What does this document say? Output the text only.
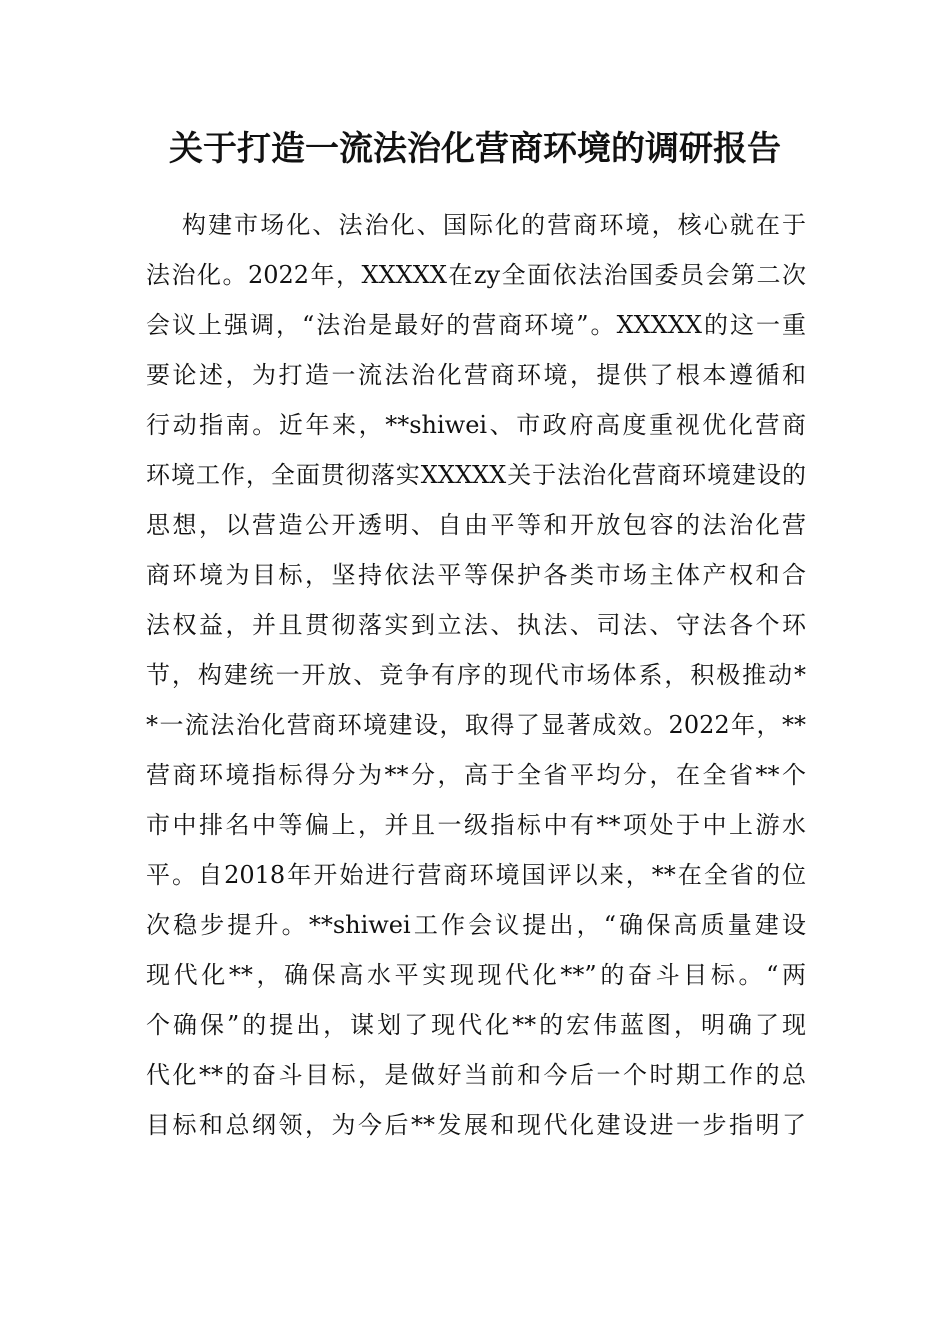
关于打造一流法治化营商环境的调研报告
构建市场化、法治化、国际化的营商环境，核心就在于
法治化。2022年，XXXXX在zy全面依法治国委员会第二次
会议上强调，“法治是最好的营商环境”。XXXXX的这一重
要论述，为打造一流法治化营商环境，提供了根本遵循和
行动指南。近年来，**shiwei、市政府高度重视优化营商
环境工作，全面贯彻落实XXXXX关于法治化营商环境建设的
思想，以营造公开透明、自由平等和开放包容的法治化营
商环境为目标，坚持依法平等保护各类市场主体产权和合
法权益，并且贯彻落实到立法、执法、司法、守法各个环
节，构建统一开放、竞争有序的现代市场体系，积极推动*
*一流法治化营商环境建设，取得了显著成效。2022年，**
营商环境指标得分为**分，高于全省平均分，在全省**个
市中排名中等偏上，并且一级指标中有**项处于中上游水
平。自2018年开始进行营商环境国评以来，**在全省的位
次稳步提升。**shiwei工作会议提出，“确保高质量建设
现代化**，确保高水平实现现代化**”的奋斗目标。“两
个确保”的提出，谋划了现代化**的宏伟蓝图，明确了现
代化**的奋斗目标，是做好当前和今后一个时期工作的总
目标和总纲领，为今后**发展和现代化建设进一步指明了
